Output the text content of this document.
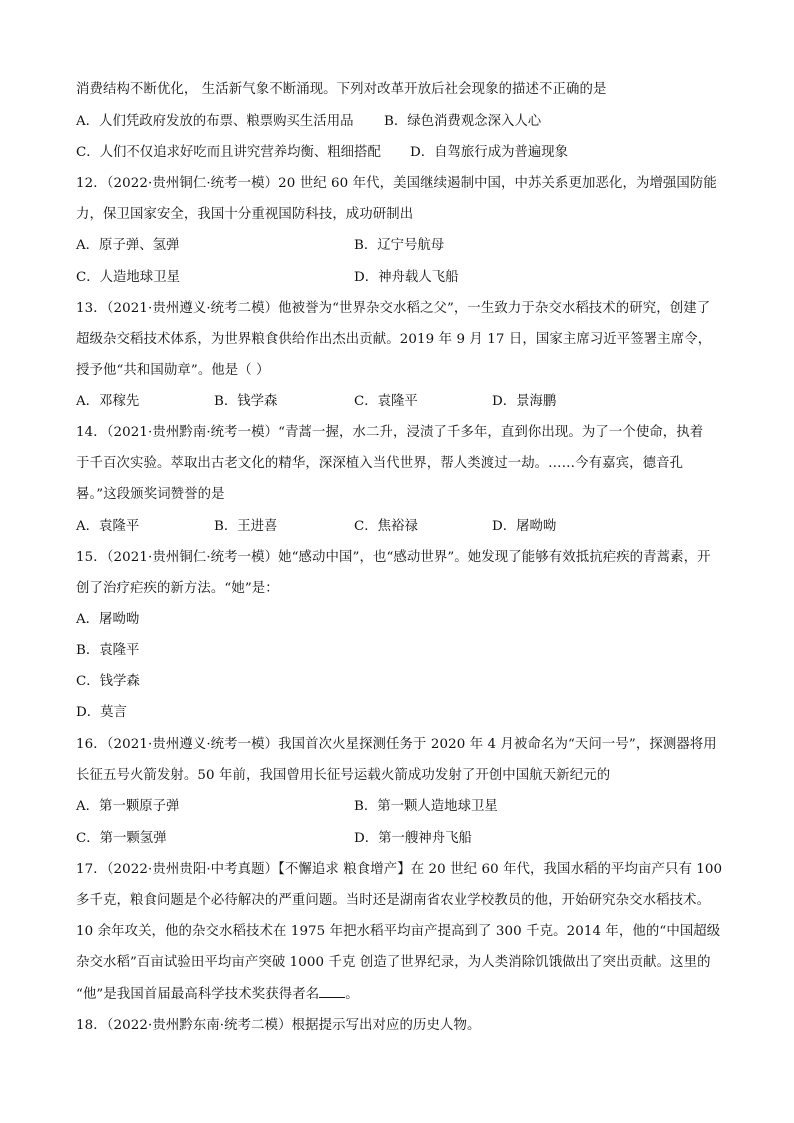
消费结构不断优化， 生活新气象不断涌现。下列对改革开放后社会现象的描述不正确的是
A．人们凭政府发放的布票、粮票购买生活用品 B．绿色消费观念深入人心
C．人们不仅追求好吃而且讲究营养均衡、粗细搭配 D．自驾旅行成为普遍现象
12．（2022·贵州铜仁·统考一模）20 世纪 60 年代，美国继续遏制中国，中苏关系更加恶化，为增强国防能
力，保卫国家安全，我国十分重视国防科技，成功研制出
A．原子弹、氢弹	B．辽宁号航母
C．人造地球卫星	D．神舟载人飞船
13．（2021·贵州遵义·统考二模）他被誉为“世界杂交水稻之父”，一生致力于杂交水稻技术的研究，创建了
超级杂交稻技术体系，为世界粮食供给作出杰出贡献。2019 年 9 月 17 日，国家主席习近平签署主席令，
授予他“共和国勋章”。他是（ ）
A．邓稼先	B．钱学森	C．袁隆平	D．景海鹏
14．（2021·贵州黔南·统考一模）“青蒿一握，水二升，浸渍了千多年，直到你出现。为了一个使命，执着
于千百次实验。萃取出古老文化的精华，深深植入当代世界，帮人类渡过一劫。……今有嘉宾，德音孔
晷。”这段颁奖词赞誉的是
A．袁隆平	B．王进喜	C．焦裕禄	D．屠呦呦
15．（2021·贵州铜仁·统考一模）她“感动中国”，也“感动世界”。她发现了能够有效抵抗疟疾的青蒿素，开
创了治疗疟疾的新方法。“她”是：
A．屠呦呦
B．袁隆平
C．钱学森
D．莫言
16．（2021·贵州遵义·统考一模）我国首次火星探测任务于 2020 年 4 月被命名为“天问一号”，探测器将用
长征五号火箭发射。50 年前，我国曾用长征号运载火箭成功发射了开创中国航天新纪元的
A．第一颗原子弹	B．第一颗人造地球卫星
C．第一颗氢弹	D．第一艘神舟飞船
17．（2022·贵州贵阳·中考真题）【不懈追求 粮食增产】在 20 世纪 60 年代，我国水稻的平均亩产只有 100
多千克，粮食问题是个必待解决的严重问题。当时还是湖南省农业学校教员的他，开始研究杂交水稻技术。
10 余年攻关，他的杂交水稻技术在 1975 年把水稻平均亩产提高到了 300 千克。2014 年，他的“中国超级
杂交水稻”百亩试验田平均亩产突破 1000 千克 创造了世界纪录，为人类消除饥饿做出了突出贡献。这里的
“他”是我国首届最高科学技术奖获得者名 。
18．（2022·贵州黔东南·统考二模）根据提示写出对应的历史人物。
